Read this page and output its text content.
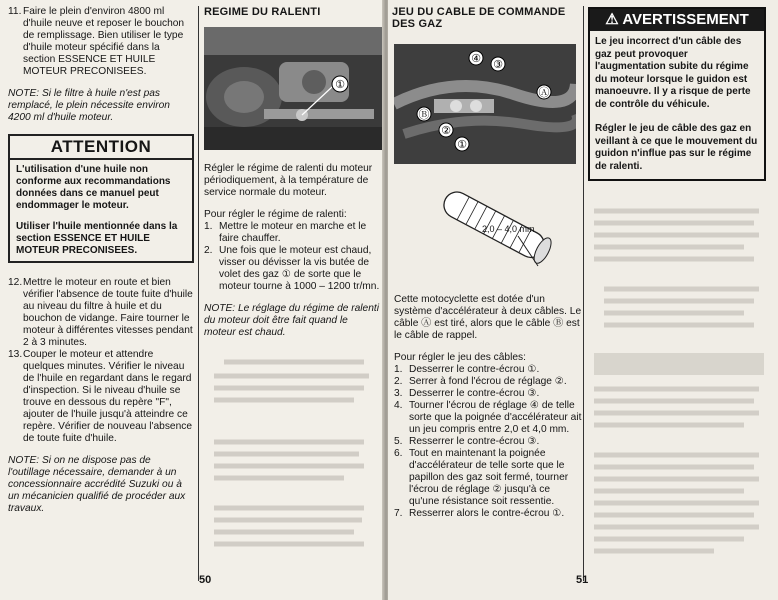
11. Faire le plein d'environ 4800 ml d'huile neuve et reposer le bouchon de remplissage. Bien utiliser le type d'huile moteur spécifié dans la section ESSENCE ET HUILE MOTEUR PRECONISEES.

NOTE: Si le filtre à huile n'est pas remplacé, le plein nécessite environ 4200 ml d'huile moteur.

ATTENTION

L'utilisation d'une huile non conforme aux recommandations données dans ce manuel peut endommager le moteur.

Utiliser l'huile mentionnée dans la section ESSENCE ET HUILE MOTEUR PRECONISEES.

12. Mettre le moteur en route et bien vérifier l'absence de toute fuite d'huile au niveau du filtre à huile et du bouchon de vidange. Faire tourner le moteur à différentes vitesses pendant 2 à 3 minutes.

13. Couper le moteur et attendre quelques minutes. Vérifier le niveau de l'huile en regardant dans le regard d'inspection. Si le niveau d'huile se trouve en dessous du repère "F", ajouter de l'huile jusqu'à atteindre ce repère. Vérifier de nouveau l'absence de toute fuite d'huile.

NOTE: Si on ne dispose pas de l'outillage nécessaire, demander à un concessionnaire accrédité Suzuki ou à un mécanicien qualifié de procéder aux travaux.

REGIME DU RALENTI

①

Régler le régime de ralenti du moteur périodiquement, à la température de service normale du moteur.

Pour régler le régime de ralenti:

1. Mettre le moteur en marche et le faire chauffer.

2. Une fois que le moteur est chaud, visser ou dévisser la vis butée de volet des gaz ① de sorte que le moteur tourne à 1000 – 1200 tr/mn.

NOTE: Le réglage du régime de ralenti du moteur doit être fait quand le moteur est chaud.

50

JEU DU CABLE DE COMMANDE DES GAZ

④ ③
Ⓐ
Ⓑ
②
①
2,0 – 4,0 mm

Cette motocyclette est dotée d'un système d'accélérateur à deux câbles. Le câble Ⓐ est tiré, alors que le câble Ⓑ est le câble de rappel.

Pour régler le jeu des câbles:

1. Desserrer le contre-écrou ①.
2. Serrer à fond l'écrou de réglage ②.
3. Desserrer le contre-écrou ③.
4. Tourner l'écrou de réglage ④ de telle sorte que la poignée d'accélérateur ait un jeu compris entre 2,0 et 4,0 mm.
5. Resserrer le contre-écrou ③.
6. Tout en maintenant la poignée d'accélérateur de telle sorte que le papillon des gaz soit fermé, tourner l'écrou de réglage ② jusqu'à ce qu'une résistance soit ressentie.
7. Resserrer alors le contre-écrou ①.
⚠ AVERTISSEMENT

Le jeu incorrect d'un câble des gaz peut provoquer l'augmentation subite du régime du moteur lorsque le guidon est manoeuvre. Il y a risque de perte de contrôle du véhicule.

Régler le jeu de câble des gaz en veillant à ce que le mouvement du guidon n'influe pas sur le régime de ralenti.

51
